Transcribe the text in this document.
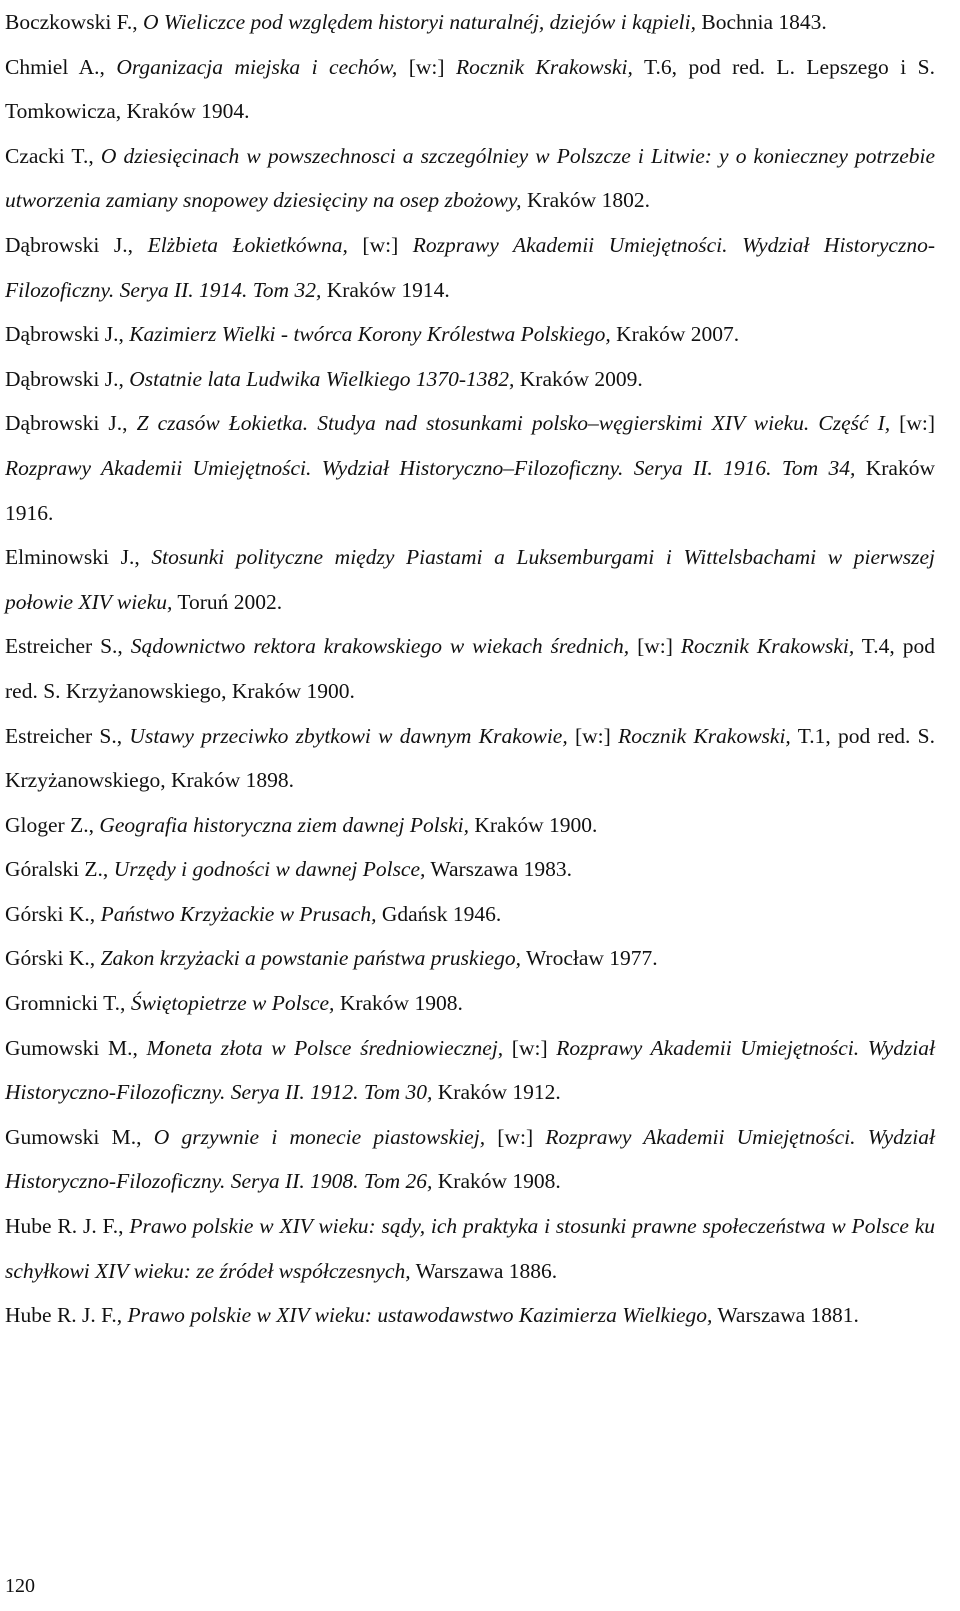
Boczkowski F., O Wieliczce pod względem historyi naturalnéj, dziejów i kąpieli, Bochnia 1843.

Chmiel A., Organizacja miejska i cechów, [w:] Rocznik Krakowski, T.6, pod red. L. Lepszego i S. Tomkowicza, Kraków 1904.

Czacki T., O dziesięcinach w powszechnosci a szczególniey w Polszcze i Litwie: y o konieczney potrzebie utworzenia zamiany snopowey dziesięciny na osep zbożowy, Kraków 1802.

Dąbrowski J., Elżbieta Łokietkówna, [w:] Rozprawy Akademii Umiejętności. Wydział Historyczno-Filozoficzny. Serya II. 1914. Tom 32, Kraków 1914.

Dąbrowski J., Kazimierz Wielki - twórca Korony Królestwa Polskiego, Kraków 2007.

Dąbrowski J., Ostatnie lata Ludwika Wielkiego 1370-1382, Kraków 2009.

Dąbrowski J., Z czasów Łokietka. Studya nad stosunkami polsko–węgierskimi XIV wieku. Część I, [w:] Rozprawy Akademii Umiejętności. Wydział Historyczno–Filozoficzny. Serya II. 1916. Tom 34, Kraków 1916.

Elminowski J., Stosunki polityczne między Piastami a Luksemburgami i Wittelsbachami w pierwszej połowie XIV wieku, Toruń 2002.

Estreicher S., Sądownictwo rektora krakowskiego w wiekach średnich, [w:] Rocznik Krakowski, T.4, pod red. S. Krzyżanowskiego, Kraków 1900.

Estreicher S., Ustawy przeciwko zbytkowi w dawnym Krakowie, [w:] Rocznik Krakowski, T.1, pod red. S. Krzyżanowskiego, Kraków 1898.

Gloger Z., Geografia historyczna ziem dawnej Polski, Kraków 1900.

Góralski Z., Urzędy i godności w dawnej Polsce, Warszawa 1983.

Górski K., Państwo Krzyżackie w Prusach, Gdańsk 1946.

Górski K., Zakon krzyżacki a powstanie państwa pruskiego, Wrocław 1977.

Gromnicki T., Świętopietrze w Polsce, Kraków 1908.

Gumowski M., Moneta złota w Polsce średniowiecznej, [w:] Rozprawy Akademii Umiejętności. Wydział Historyczno-Filozoficzny. Serya II. 1912. Tom 30, Kraków 1912.

Gumowski M., O grzywnie i monecie piastowskiej, [w:] Rozprawy Akademii Umiejętności. Wydział Historyczno-Filozoficzny. Serya II. 1908. Tom 26, Kraków 1908.

Hube R. J. F., Prawo polskie w XIV wieku: sądy, ich praktyka i stosunki prawne społeczeństwa w Polsce ku schyłkowi XIV wieku: ze źródeł współczesnych, Warszawa 1886.

Hube R. J. F., Prawo polskie w XIV wieku: ustawodawstwo Kazimierza Wielkiego, Warszawa 1881.

120
